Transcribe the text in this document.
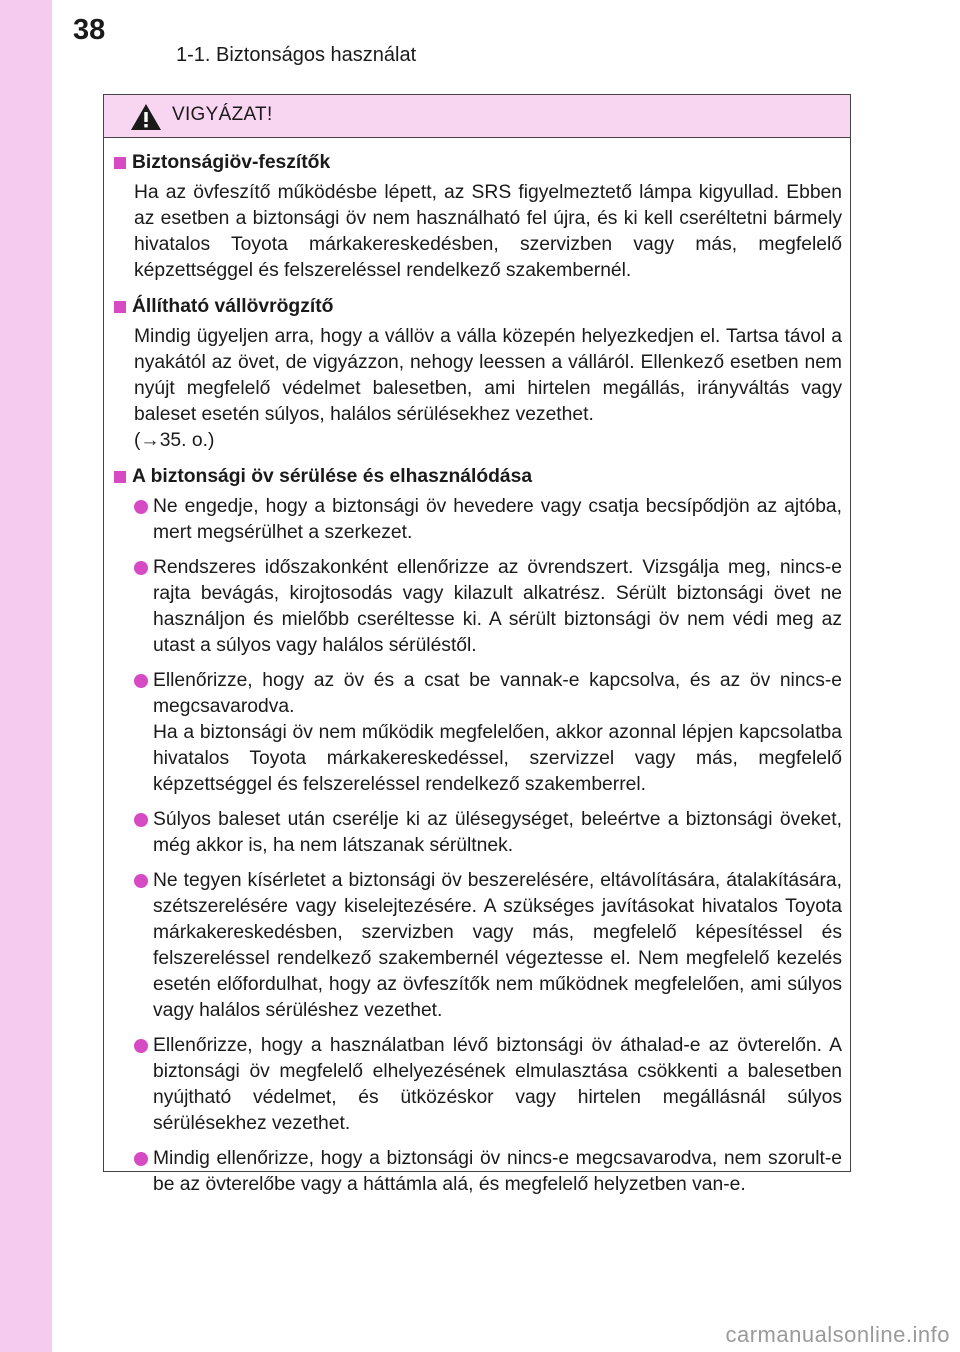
38
1-1. Biztonságos használat
VIGYÁZAT!
Biztonságiöv-feszítők
Ha az övfeszítő működésbe lépett, az SRS figyelmeztető lámpa kigyullad. Ebben az esetben a biztonsági öv nem használható fel újra, és ki kell cseréltetni bármely hivatalos Toyota márkakereskedésben, szervizben vagy más, megfelelő képzettséggel és felszereléssel rendelkező szakembernél.
Állítható vállövrögzítő
Mindig ügyeljen arra, hogy a vállöv a válla közepén helyezkedjen el. Tartsa távol a nyakától az övet, de vigyázzon, nehogy leessen a válláról. Ellenkező esetben nem nyújt megfelelő védelmet balesetben, ami hirtelen megállás, irányváltás vagy baleset esetén súlyos, halálos sérülésekhez vezethet.
(→35. o.)
A biztonsági öv sérülése és elhasználódása
Ne engedje, hogy a biztonsági öv hevedere vagy csatja becsípődjön az ajtóba, mert megsérülhet a szerkezet.
Rendszeres időszakonként ellenőrizze az övrendszert. Vizsgálja meg, nincs-e rajta bevágás, kirojtosodás vagy kilazult alkatrész. Sérült biztonsági övet ne használjon és mielőbb cseréltesse ki. A sérült biztonsági öv nem védi meg az utast a súlyos vagy halálos sérüléstől.
Ellenőrizze, hogy az öv és a csat be vannak-e kapcsolva, és az öv nincs-e megcsavarodva.
Ha a biztonsági öv nem működik megfelelően, akkor azonnal lépjen kapcsolatba hivatalos Toyota márkakereskedéssel, szervizzel vagy más, megfelelő képzettséggel és felszereléssel rendelkező szakemberrel.
Súlyos baleset után cserélje ki az ülésegységet, beleértve a biztonsági öveket, még akkor is, ha nem látszanak sérültnek.
Ne tegyen kísérletet a biztonsági öv beszerelésére, eltávolítására, átalakítására, szétszerelésére vagy kiselejtezésére. A szükséges javításokat hivatalos Toyota márkakereskedésben, szervizben vagy más, megfelelő képesítéssel és felszereléssel rendelkező szakembernél végeztesse el. Nem megfelelő kezelés esetén előfordulhat, hogy az övfeszítők nem működnek megfelelően, ami súlyos vagy halálos sérüléshez vezethet.
Ellenőrizze, hogy a használatban lévő biztonsági öv áthalad-e az övterelőn. A biztonsági öv megfelelő elhelyezésének elmulasztása csökkenti a balesetben nyújtható védelmet, és ütközéskor vagy hirtelen megállásnál súlyos sérülésekhez vezethet.
Mindig ellenőrizze, hogy a biztonsági öv nincs-e megcsavarodva, nem szorult-e be az övterelőbe vagy a háttámla alá, és megfelelő helyzetben van-e.
carmanualsonline.info
